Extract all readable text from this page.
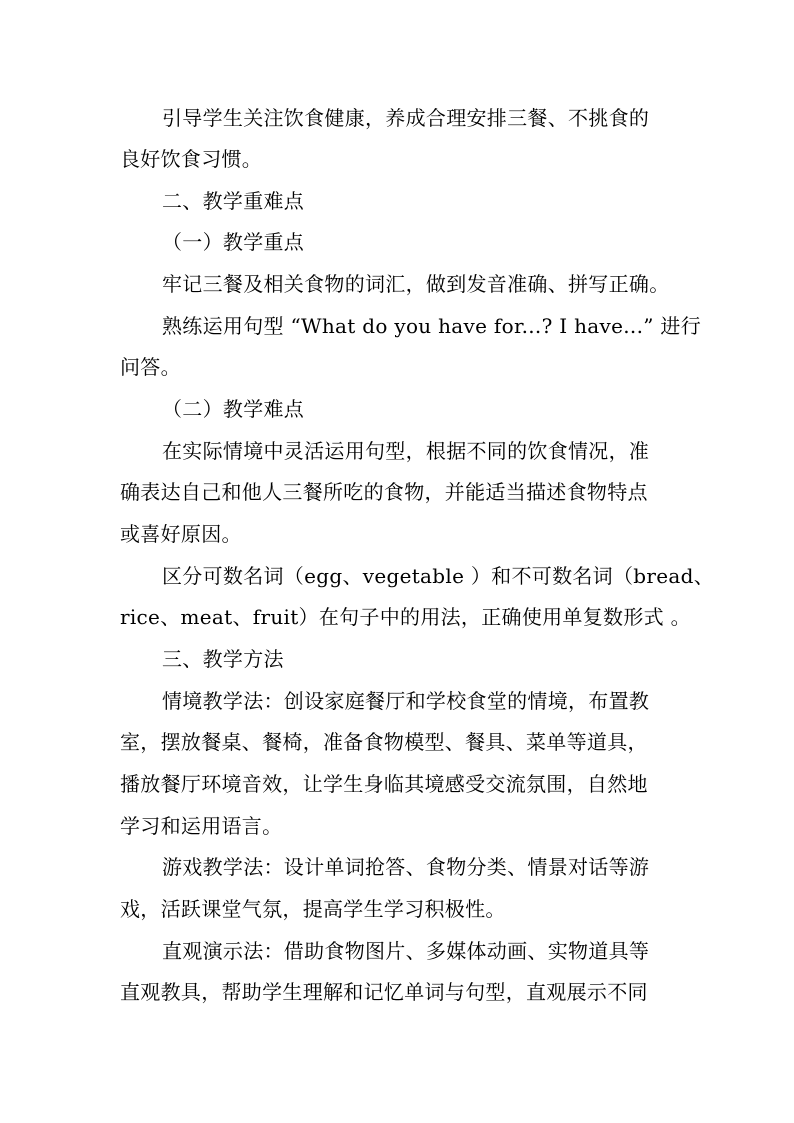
引导学生关注饮食健康，养成合理安排三餐、不挑食的
良好饮食习惯。
二、教学重难点
（一）教学重点
牢记三餐及相关食物的词汇，做到发音准确、拼写正确。
熟练运用句型 “What do you have for...? I have...” 进行
问答。
（二）教学难点
在实际情境中灵活运用句型，根据不同的饮食情况，准
确表达自己和他人三餐所吃的食物，并能适当描述食物特点
或喜好原因。
区分可数名词（egg、vegetable ）和不可数名词（bread、
rice、meat、fruit）在句子中的用法，正确使用单复数形式 。
三、教学方法
情境教学法：创设家庭餐厅和学校食堂的情境，布置教
室，摆放餐桌、餐椅，准备食物模型、餐具、菜单等道具，
播放餐厅环境音效，让学生身临其境感受交流氛围，自然地
学习和运用语言。
游戏教学法：设计单词抢答、食物分类、情景对话等游
戏，活跃课堂气氛，提高学生学习积极性。
直观演示法：借助食物图片、多媒体动画、实物道具等
直观教具，帮助学生理解和记忆单词与句型，直观展示不同
